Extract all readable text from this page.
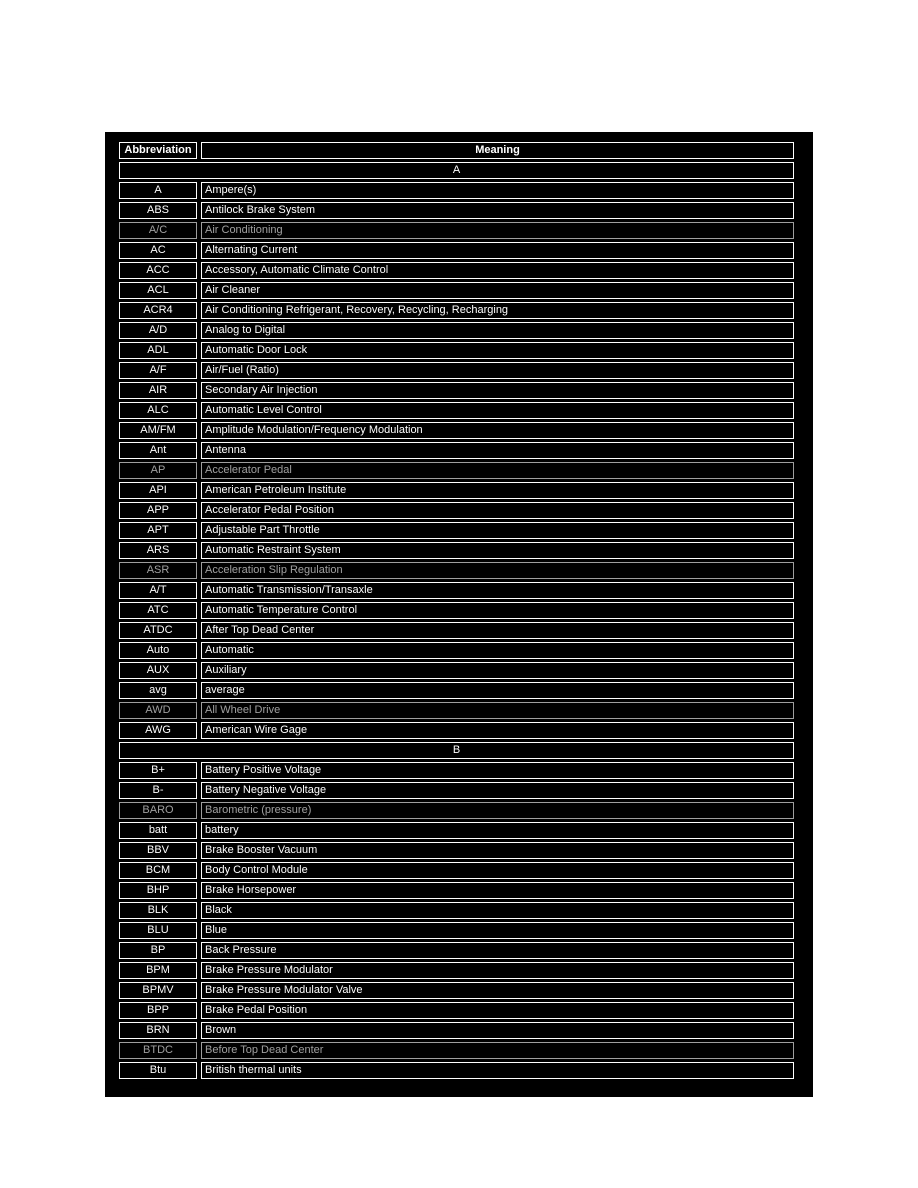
Abbreviation	Meaning
A
A	Ampere(s)
ABS	Antilock Brake System
A/C	Air Conditioning
AC	Alternating Current
ACC	Accessory, Automatic Climate Control
ACL	Air Cleaner
ACR4	Air Conditioning Refrigerant, Recovery, Recycling, Recharging
A/D	Analog to Digital
ADL	Automatic Door Lock
A/F	Air/Fuel (Ratio)
AIR	Secondary Air Injection
ALC	Automatic Level Control
AM/FM	Amplitude Modulation/Frequency Modulation
Ant	Antenna
AP	Accelerator Pedal
API	American Petroleum Institute
APP	Accelerator Pedal Position
APT	Adjustable Part Throttle
ARS	Automatic Restraint System
ASR	Acceleration Slip Regulation
A/T	Automatic Transmission/Transaxle
ATC	Automatic Temperature Control
ATDC	After Top Dead Center
Auto	Automatic
AUX	Auxiliary
avg	average
AWD	All Wheel Drive
AWG	American Wire Gage
B
B+	Battery Positive Voltage
B-	Battery Negative Voltage
BARO	Barometric (pressure)
batt	battery
BBV	Brake Booster Vacuum
BCM	Body Control Module
BHP	Brake Horsepower
BLK	Black
BLU	Blue
BP	Back Pressure
BPM	Brake Pressure Modulator
BPMV	Brake Pressure Modulator Valve
BPP	Brake Pedal Position
BRN	Brown
BTDC	Before Top Dead Center
Btu	British thermal units
